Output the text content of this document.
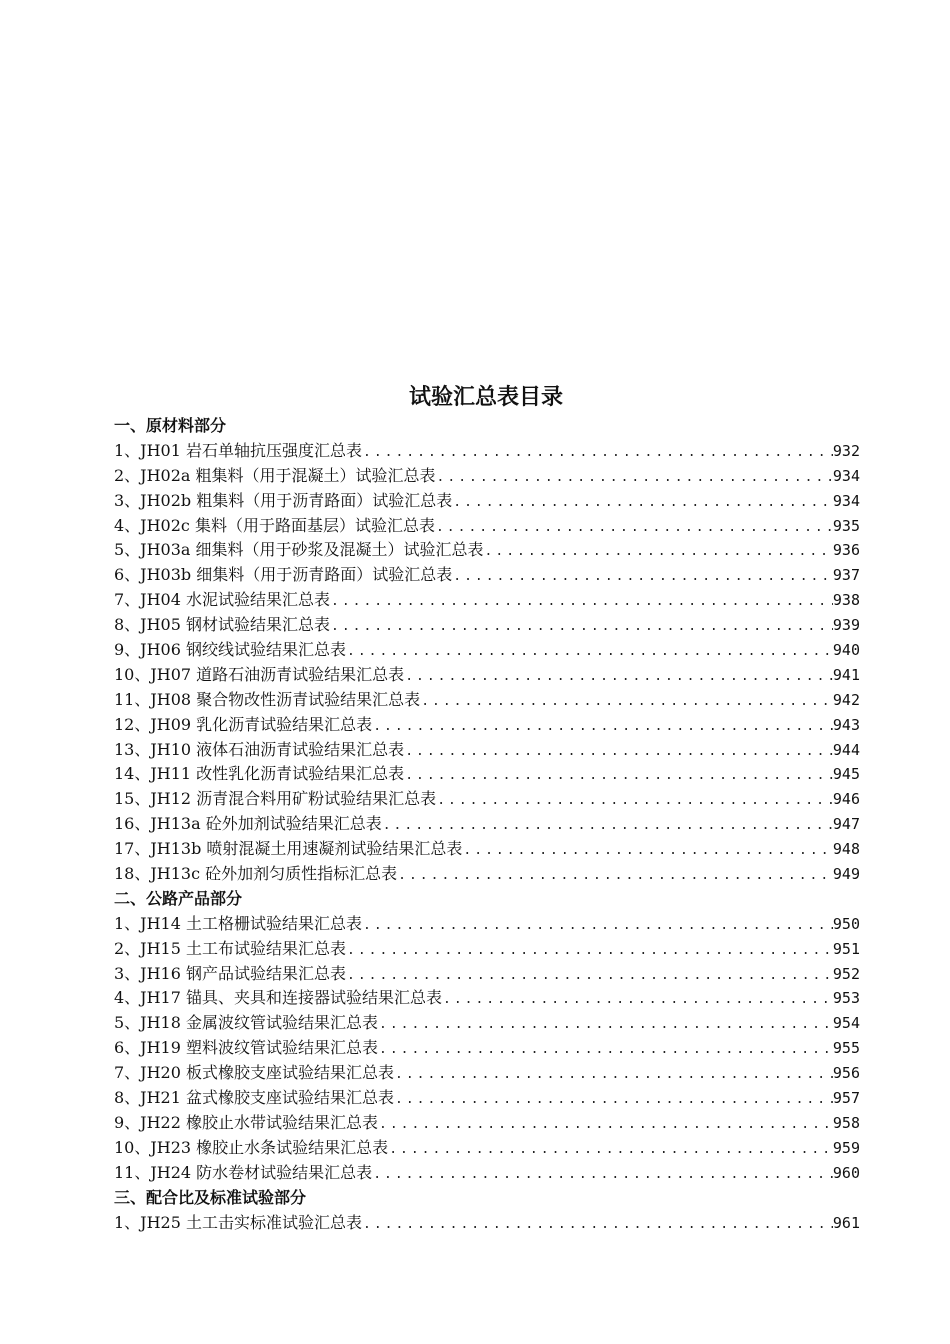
试验汇总表目录
一、原材料部分
1、JH01 岩石单轴抗压强度汇总表 .....	932
2、JH02a 粗集料（用于混凝土）试验汇总表 .....	934
3、JH02b 粗集料（用于沥青路面）试验汇总表 .....	934
4、JH02c 集料（用于路面基层）试验汇总表 .....	935
5、JH03a 细集料（用于砂浆及混凝土）试验汇总表 .....	936
6、JH03b 细集料（用于沥青路面）试验汇总表 .....	937
7、JH04 水泥试验结果汇总表 .....	938
8、JH05 钢材试验结果汇总表 .....	939
9、JH06 钢绞线试验结果汇总表 .....	940
10、JH07 道路石油沥青试验结果汇总表 .....	941
11、JH08 聚合物改性沥青试验结果汇总表 .....	942
12、JH09 乳化沥青试验结果汇总表 .....	943
13、JH10 液体石油沥青试验结果汇总表 .....	944
14、JH11 改性乳化沥青试验结果汇总表 .....	945
15、JH12 沥青混合料用矿粉试验结果汇总表 .....	946
16、JH13a 砼外加剂试验结果汇总表 .....	947
17、JH13b 喷射混凝土用速凝剂试验结果汇总表 .....	948
18、JH13c 砼外加剂匀质性指标汇总表 .....	949
二、公路产品部分
1、JH14 土工格栅试验结果汇总表 .....	950
2、JH15 土工布试验结果汇总表 .....	951
3、JH16 钢产品试验结果汇总表 .....	952
4、JH17 锚具、夹具和连接器试验结果汇总表 .....	953
5、JH18 金属波纹管试验结果汇总表 .....	954
6、JH19 塑料波纹管试验结果汇总表 .....	955
7、JH20 板式橡胶支座试验结果汇总表 .....	956
8、JH21 盆式橡胶支座试验结果汇总表 .....	957
9、JH22 橡胶止水带试验结果汇总表 .....	958
10、JH23 橡胶止水条试验结果汇总表 .....	959
11、JH24 防水卷材试验结果汇总表 .....	960
三、配合比及标准试验部分
1、JH25 土工击实标准试验汇总表 .....	961
